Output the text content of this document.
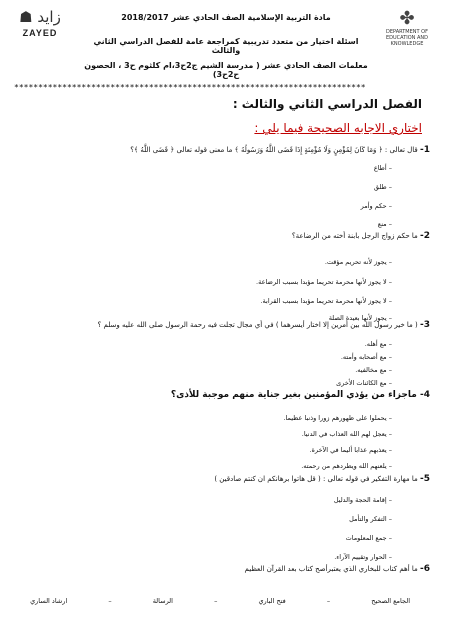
☗ زايد
ZAYED
✤
DEPARTMENT OF EDUCATION AND KNOWLEDGE
مادة التربية الإسلامية الصف الحادي عشر 2018/2017
اسئلة اختيار من متعدد تدريبية كمراجعة عامة للفصل الدراسي الثاني والثالث
معلمات الصف الحادي عشر ( مدرسة الشيم ج2ح3،ام كلثوم ح3 ، الحصون ح2ح3)
*************************************************************************
الفصل الدراسي الثاني والثالث :
اختاري الاجابه الصحيحة فيما يلي :
1- قال تعالى : ﴿ وَمَا كَانَ لِمُؤْمِنٍ وَلَا مُؤْمِنَةٍ إِذَا قَضَى اللَّهُ وَرَسُولُهُ ﴾ ما معنى قوله تعالى ﴿ قَضَى اللَّهُ ﴾؟
– أطاع
– طلق
– حكم وأمر
– منع
2- ما حكم زواج الرجل بابنة أخته من الرضاعة؟
– يجوز لأنه تحريم مؤقت.
– لا يجوز لأنها محرمة تحريما مؤبدا بسبب الرضاعة.
– لا يجوز لأنها محرمة تحريما مؤبدا بسبب القرابة.
– يجوز لأنها بعيدة الصلة
3- ( ما خير رسول الله بين أمرين إلا اختار أيسرهما ) في أي مجال تجلت فيه رحمة الرسول صلى الله عليه وسلم ؟
– مع أهله.
– مع أصحابه وأمته.
– مع مخالفيه.
– مع الكائنات الأخرى
4- ماجزاء من يؤذي المؤمنين بغير جناية منهم موجبة للأذى؟
– يحملوا على ظهورهم زورا وذنبا عظيما.
– يعجل لهم الله العذاب في الدنيا.
– يعذبهم عذابا أليما في الآخرة.
– يلعنهم الله ويطردهم من رحمته.
5- ما مهارة التفكير في قوله تعالى : ( قل هاتوا برهانكم ان كنتم صادقين )
– إقامة الحجة والدليل
– التفكر والتأمل
– جمع المعلومات
– الحوار وتقييم الآراء.
6- ما أهم كتاب للبخاري الذي يعتبرأصح كتاب بعد القرآن العظيم
الجامع الصحيح
–
فتح الباري
–
الرسالة
–
ارشاد الساري
